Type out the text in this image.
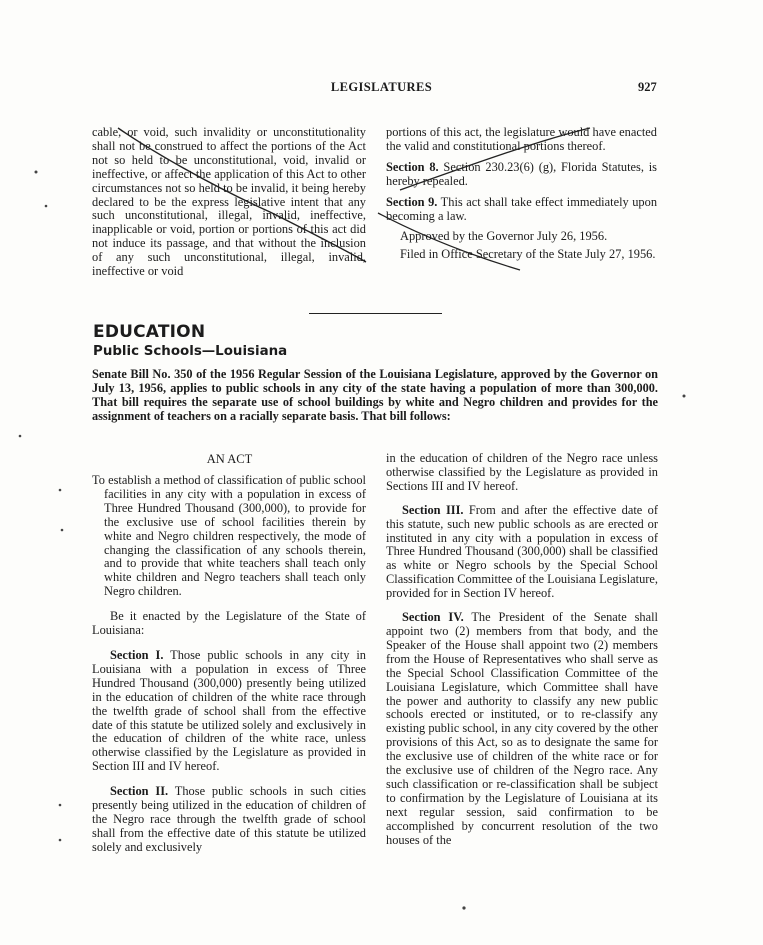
LEGISLATURES	927

cable, or void, such invalidity or unconstitutionality shall not be construed to affect the portions of the Act not so held to be unconstitutional, void, invalid or ineffective, or affect the application of this Act to other circumstances not so held to be invalid, it being hereby declared to be the express legislative intent that any such unconstitutional, illegal, invalid, ineffective, inapplicable or void, portion or portions of this act did not induce its passage, and that without the inclusion of any such unconstitutional, illegal, invalid, ineffective or void

portions of this act, the legislature would have enacted the valid and constitutional portions thereof.

Section 8. Section 230.23(6) (g), Florida Statutes, is hereby repealed.

Section 9. This act shall take effect immediately upon becoming a law.

Approved by the Governor July 26, 1956.

Filed in Office Secretary of the State July 27, 1956.

EDUCATION
Public Schools—Louisiana
Senate Bill No. 350 of the 1956 Regular Session of the Louisiana Legislature, approved by the Governor on July 13, 1956, applies to public schools in any city of the state having a population of more than 300,000. That bill requires the separate use of school buildings by white and Negro children and provides for the assignment of teachers on a racially separate basis. That bill follows:
AN ACT

To establish a method of classification of public school facilities in any city with a population in excess of Three Hundred Thousand (300,000), to provide for the exclusive use of school facilities therein by white and Negro children respectively, the mode of changing the classification of any schools therein, and to provide that white teachers shall teach only white children and Negro teachers shall teach only Negro children.

Be it enacted by the Legislature of the State of Louisiana:

Section I. Those public schools in any city in Louisiana with a population in excess of Three Hundred Thousand (300,000) presently being utilized in the education of children of the white race through the twelfth grade of school shall from the effective date of this statute be utilized solely and exclusively in the education of children of the white race, unless otherwise classified by the Legislature as provided in Section III and IV hereof.

Section II. Those public schools in such cities presently being utilized in the education of children of the Negro race through the twelfth grade of school shall from the effective date of this statute be utilized solely and exclusively

in the education of children of the Negro race unless otherwise classified by the Legislature as provided in Sections III and IV hereof.

Section III. From and after the effective date of this statute, such new public schools as are erected or instituted in any city with a population in excess of Three Hundred Thousand (300,000) shall be classified as white or Negro schools by the Special School Classification Committee of the Louisiana Legislature, provided for in Section IV hereof.

Section IV. The President of the Senate shall appoint two (2) members from that body, and the Speaker of the House shall appoint two (2) members from the House of Representatives who shall serve as the Special School Classification Committee of the Louisiana Legislature, which Committee shall have the power and authority to classify any new public schools erected or instituted, or to re-classify any existing public school, in any city covered by the other provisions of this Act, so as to designate the same for the exclusive use of children of the white race or for the exclusive use of children of the Negro race. Any such classification or re-classification shall be subject to confirmation by the Legislature of Louisiana at its next regular session, said confirmation to be accomplished by concurrent resolution of the two houses of the
